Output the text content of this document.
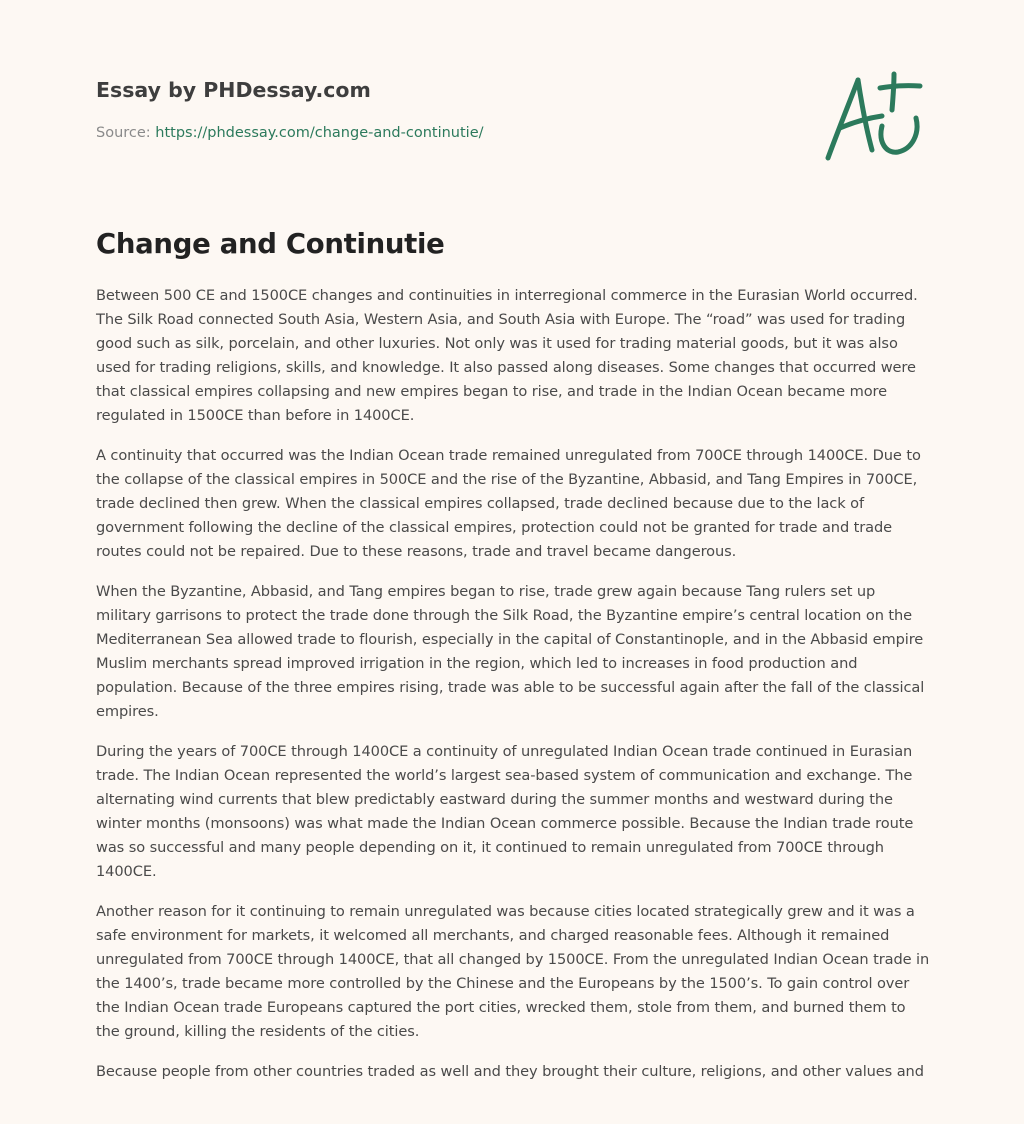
Essay by PHDessay.com
Source: https://phdessay.com/change-and-continutie/
Change and Continutie

Between 500 CE and 1500CE changes and continuities in interregional commerce in the Eurasian World occurred. The Silk Road connected South Asia, Western Asia, and South Asia with Europe. The “road” was used for trading good such as silk, porcelain, and other luxuries. Not only was it used for trading material goods, but it was also used for trading religions, skills, and knowledge. It also passed along diseases. Some changes that occurred were that classical empires collapsing and new empires began to rise, and trade in the Indian Ocean became more regulated in 1500CE than before in 1400CE.

A continuity that occurred was the Indian Ocean trade remained unregulated from 700CE through 1400CE. Due to the collapse of the classical empires in 500CE and the rise of the Byzantine, Abbasid, and Tang Empires in 700CE, trade declined then grew. When the classical empires collapsed, trade declined because due to the lack of government following the decline of the classical empires, protection could not be granted for trade and trade routes could not be repaired. Due to these reasons, trade and travel became dangerous.

When the Byzantine, Abbasid, and Tang empires began to rise, trade grew again because Tang rulers set up military garrisons to protect the trade done through the Silk Road, the Byzantine empire’s central location on the Mediterranean Sea allowed trade to flourish, especially in the capital of Constantinople, and in the Abbasid empire Muslim merchants spread improved irrigation in the region, which led to increases in food production and population. Because of the three empires rising, trade was able to be successful again after the fall of the classical empires.

During the years of 700CE through 1400CE a continuity of unregulated Indian Ocean trade continued in Eurasian trade. The Indian Ocean represented the world’s largest sea-based system of communication and exchange. The alternating wind currents that blew predictably eastward during the summer months and westward during the winter months (monsoons) was what made the Indian Ocean commerce possible. Because the Indian trade route was so successful and many people depending on it, it continued to remain unregulated from 700CE through 1400CE.

Another reason for it continuing to remain unregulated was because cities located strategically grew and it was a safe environment for markets, it welcomed all merchants, and charged reasonable fees. Although it remained unregulated from 700CE through 1400CE, that all changed by 1500CE. From the unregulated Indian Ocean trade in the 1400’s, trade became more controlled by the Chinese and the Europeans by the 1500’s. To gain control over the Indian Ocean trade Europeans captured the port cities, wrecked them, stole from them, and burned them to the ground, killing the residents of the cities.

Because people from other countries traded as well and they brought their culture, religions, and other values and
